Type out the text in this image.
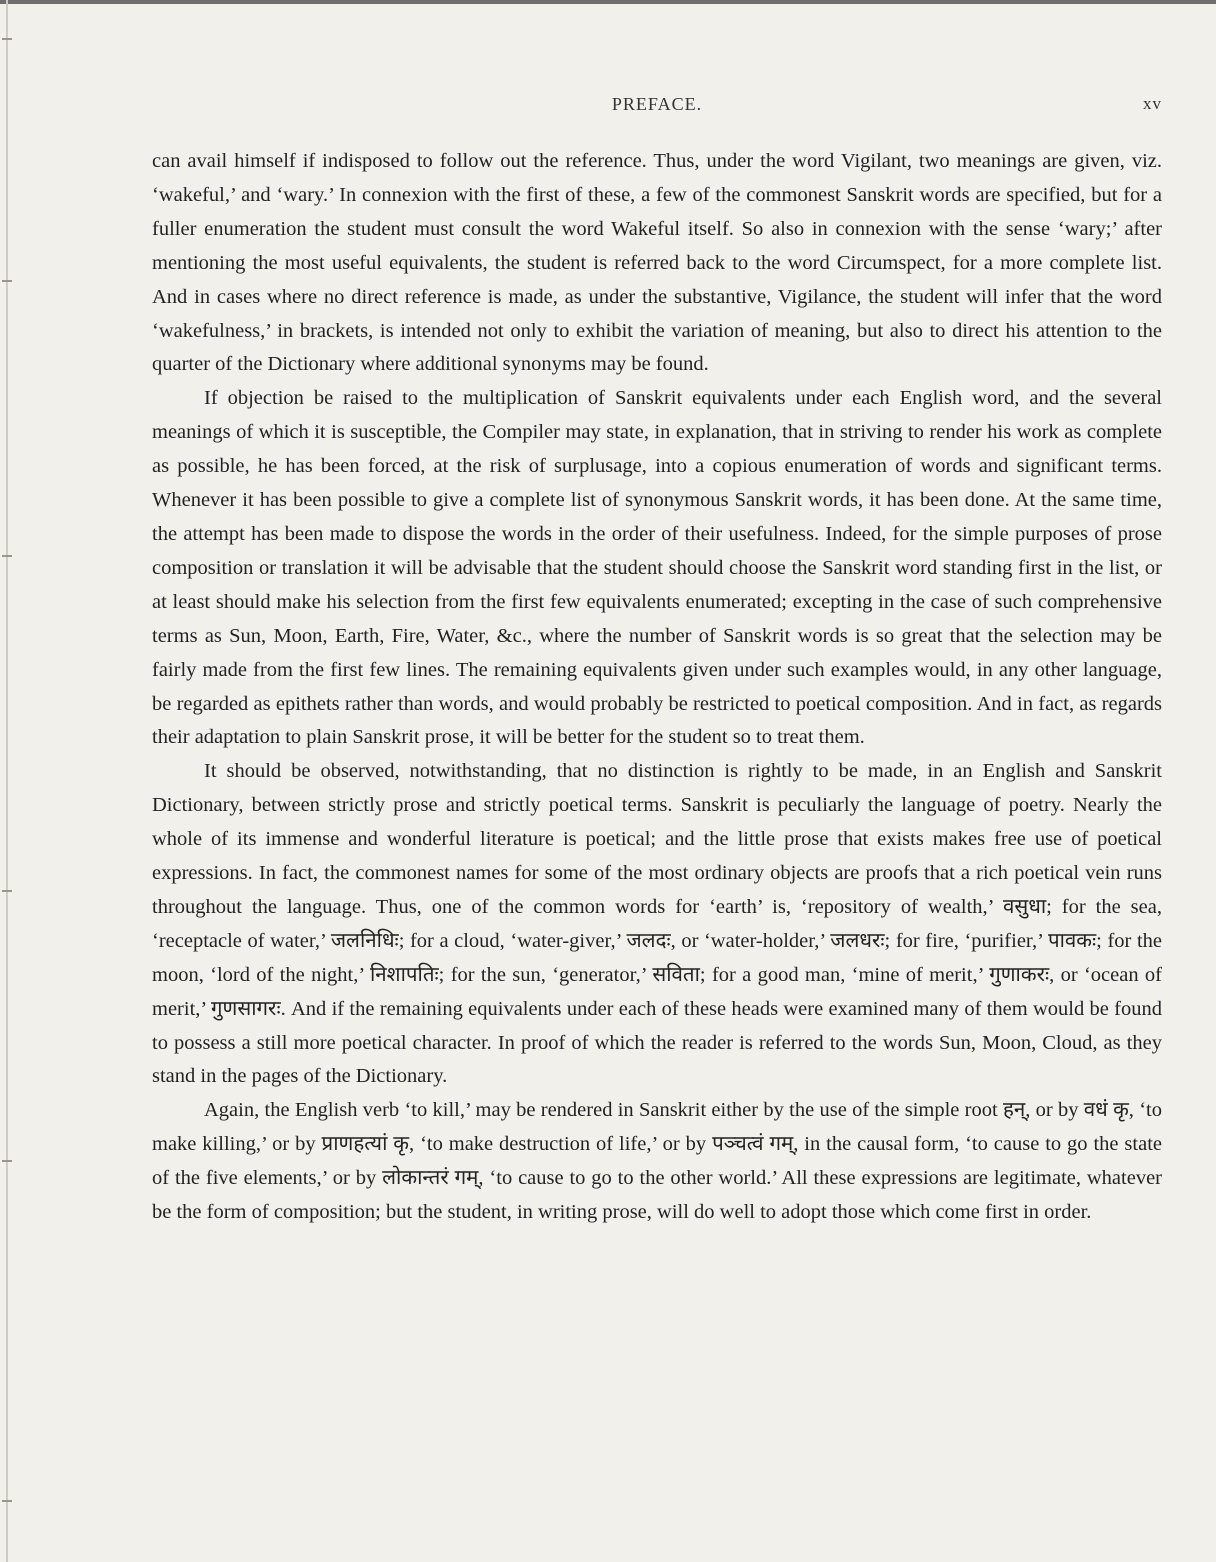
PREFACE.	xv

can avail himself if indisposed to follow out the reference. Thus, under the word Vigilant, two meanings are given, viz. ‘wakeful,’ and ‘wary.’ In connexion with the first of these, a few of the commonest Sanskrit words are specified, but for a fuller enumeration the student must consult the word Wakeful itself. So also in connexion with the sense ‘wary;’ after mentioning the most useful equivalents, the student is referred back to the word Circumspect, for a more complete list. And in cases where no direct reference is made, as under the substantive, Vigilance, the student will infer that the word ‘wakefulness,’ in brackets, is intended not only to exhibit the variation of meaning, but also to direct his attention to the quarter of the Dictionary where additional synonyms may be found.

If objection be raised to the multiplication of Sanskrit equivalents under each English word, and the several meanings of which it is susceptible, the Compiler may state, in explanation, that in striving to render his work as complete as possible, he has been forced, at the risk of surplusage, into a copious enumeration of words and significant terms. Whenever it has been possible to give a complete list of synonymous Sanskrit words, it has been done. At the same time, the attempt has been made to dispose the words in the order of their usefulness. Indeed, for the simple purposes of prose composition or translation it will be advisable that the student should choose the Sanskrit word standing first in the list, or at least should make his selection from the first few equivalents enumerated; excepting in the case of such comprehensive terms as Sun, Moon, Earth, Fire, Water, &c., where the number of Sanskrit words is so great that the selection may be fairly made from the first few lines. The remaining equivalents given under such examples would, in any other language, be regarded as epithets rather than words, and would probably be restricted to poetical composition. And in fact, as regards their adaptation to plain Sanskrit prose, it will be better for the student so to treat them.

It should be observed, notwithstanding, that no distinction is rightly to be made, in an English and Sanskrit Dictionary, between strictly prose and strictly poetical terms. Sanskrit is peculiarly the language of poetry. Nearly the whole of its immense and wonderful literature is poetical; and the little prose that exists makes free use of poetical expressions. In fact, the commonest names for some of the most ordinary objects are proofs that a rich poetical vein runs throughout the language. Thus, one of the common words for ‘earth’ is, ‘repository of wealth,’ वसुधा; for the sea, ‘receptacle of water,’ जलनिधिः; for a cloud, ‘water-giver,’ जलदः, or ‘water-holder,’ जलधरः; for fire, ‘purifier,’ पावकः; for the moon, ‘lord of the night,’ निशापतिः; for the sun, ‘generator,’ सविता; for a good man, ‘mine of merit,’ गुणाकरः, or ‘ocean of merit,’ गुणसागरः. And if the remaining equivalents under each of these heads were examined many of them would be found to possess a still more poetical character. In proof of which the reader is referred to the words Sun, Moon, Cloud, as they stand in the pages of the Dictionary.

Again, the English verb ‘to kill,’ may be rendered in Sanskrit either by the use of the simple root हन्, or by वधं कृ, ‘to make killing,’ or by प्राणहत्यां कृ, ‘to make destruction of life,’ or by पञ्चत्वं गम्, in the causal form, ‘to cause to go the state of the five elements,’ or by लोकान्तरं गम्, ‘to cause to go to the other world.’ All these expressions are legitimate, whatever be the form of composition; but the student, in writing prose, will do well to adopt those which come first in order.
